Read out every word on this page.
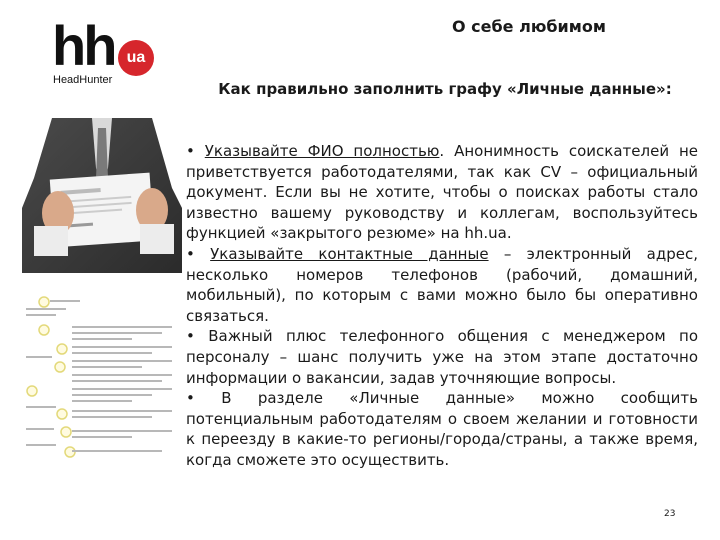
hh ua
HeadHunter
О себе любимом
Как правильно заполнить графу «Личные данные»:

• Указывайте ФИО полностью. Анонимность соискателей не приветствуется работодателями, так как CV – официальный документ. Если вы не хотите, чтобы о поисках работы стало известно вашему руководству и коллегам, воспользуйтесь функцией «закрытого резюме» на hh.ua.

• Указывайте контактные данные – электронный адрес, несколько номеров телефонов (рабочий, домашний, мобильный), по которым с вами можно было бы оперативно связаться.

• Важный плюс телефонного общения с менеджером по персоналу – шанс получить уже на этом этапе достаточно информации о вакансии, задав уточняющие вопросы.

• В разделе «Личные данные» можно сообщить потенциальным работодателям о своем желании и готовности к переезду в какие-то регионы/города/страны, а также время, когда сможете это осуществить.

23
